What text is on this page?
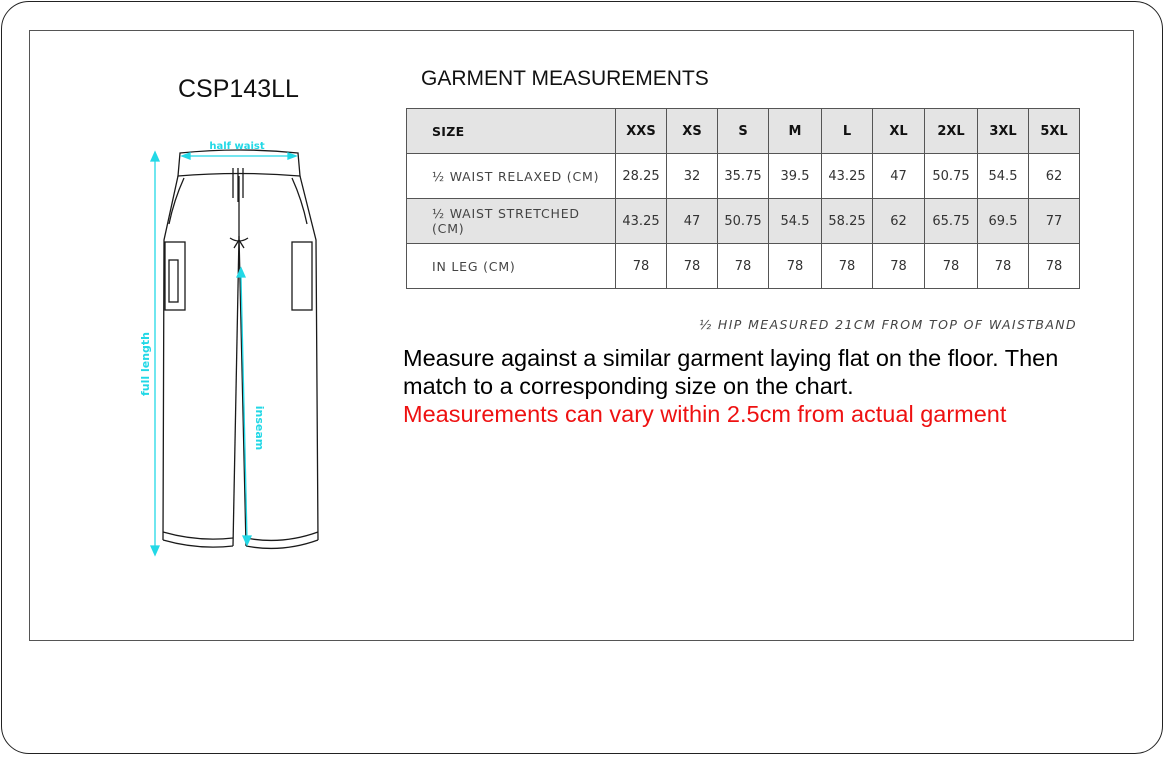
CSP143LL
half waist
full length
inseam
GARMENT MEASUREMENTS
SIZE	XXS	XS	S	M	L	XL	2XL	3XL	5XL
½ WAIST RELAXED (CM)	28.25	32	35.75	39.5	43.25	47	50.75	54.5	62
½ WAIST STRETCHED (CM)	43.25	47	50.75	54.5	58.25	62	65.75	69.5	77
IN LEG (CM)	78	78	78	78	78	78	78	78	78
½ HIP MEASURED 21CM FROM TOP OF WAISTBAND
Measure against a similar garment laying flat on the floor. Then match to a corresponding size on the chart.
Measurements can vary within 2.5cm from actual garment
